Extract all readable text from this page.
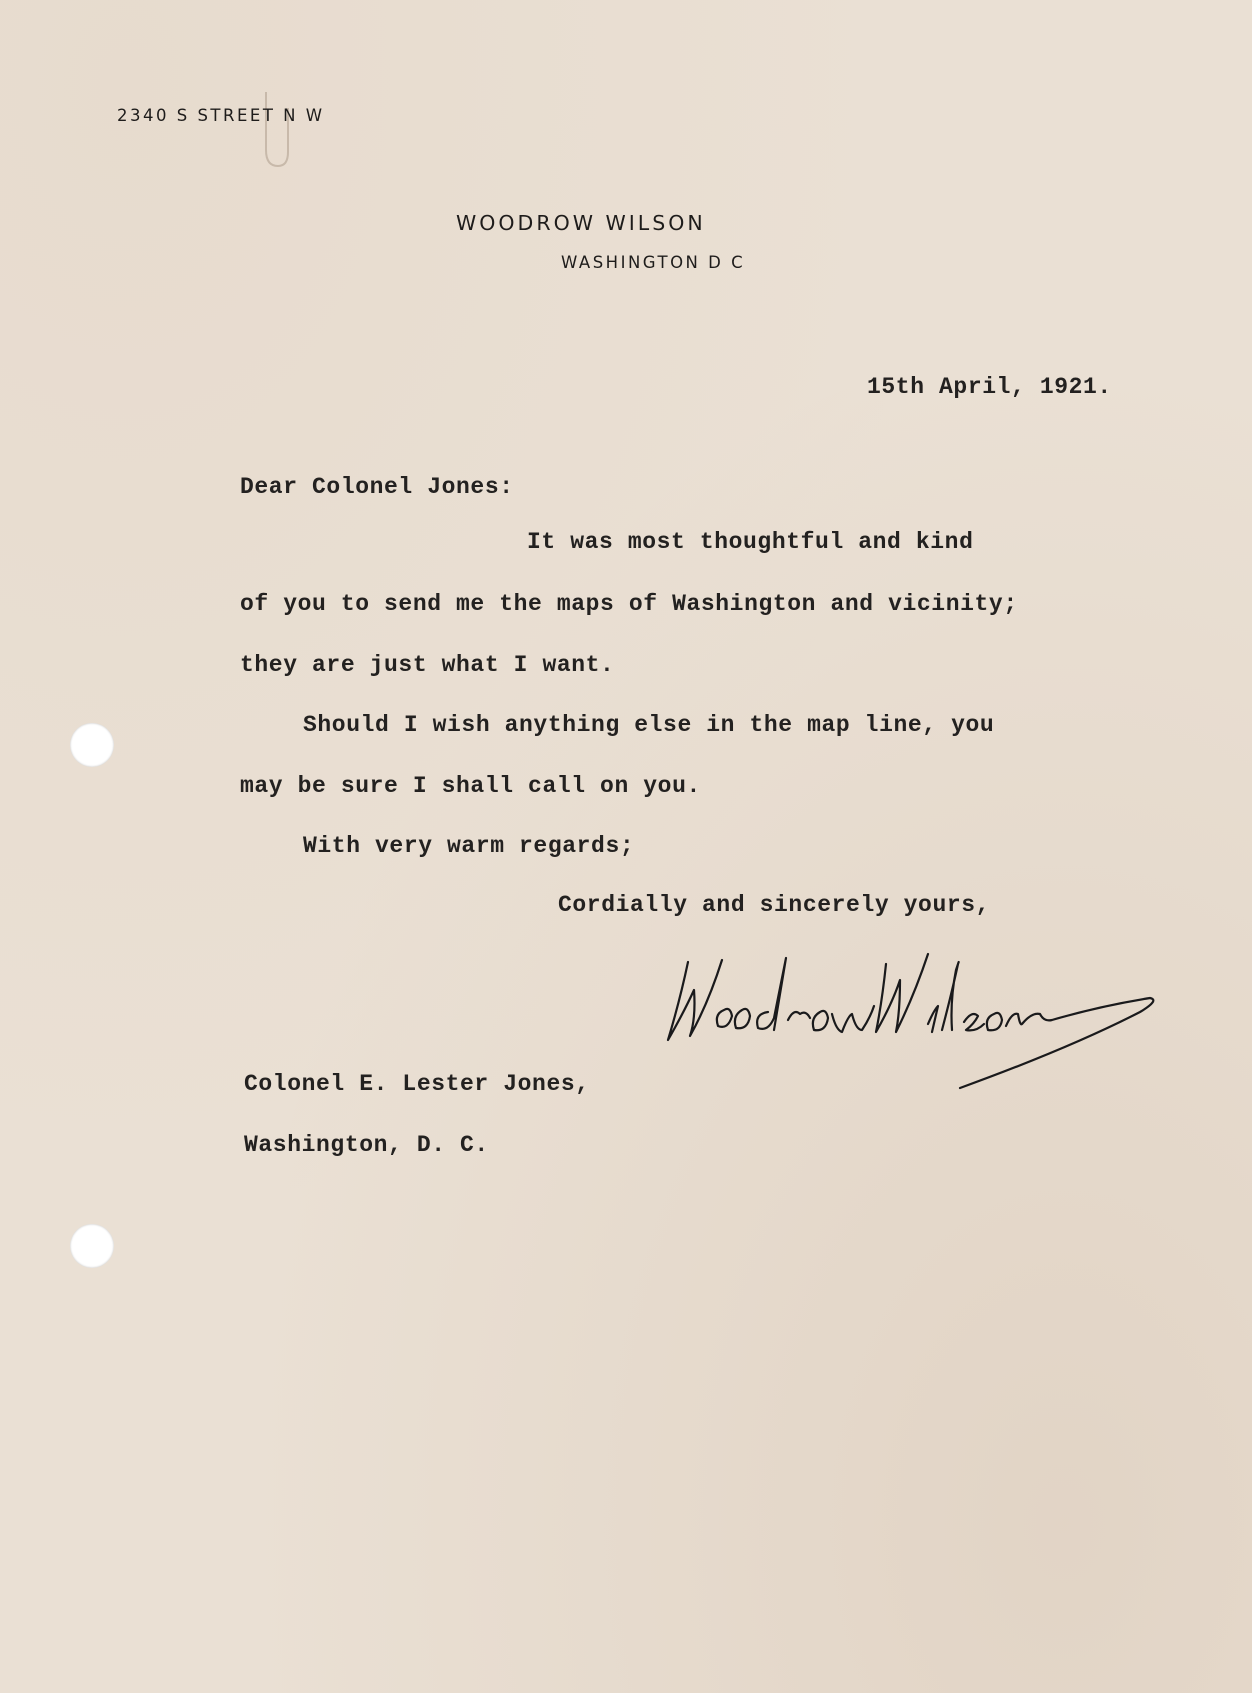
2340 S STREET N W
WOODROW WILSON
WASHINGTON D C
15th April, 1921.
Dear Colonel Jones:
It was most thoughtful and kind
of you to send me the maps of Washington and vicinity;
they are just what I want.
Should I wish anything else in the map line, you
may be sure I shall call on you.
With very warm regards;
Cordially and sincerely yours,
Colonel E. Lester Jones,
Washington, D. C.
